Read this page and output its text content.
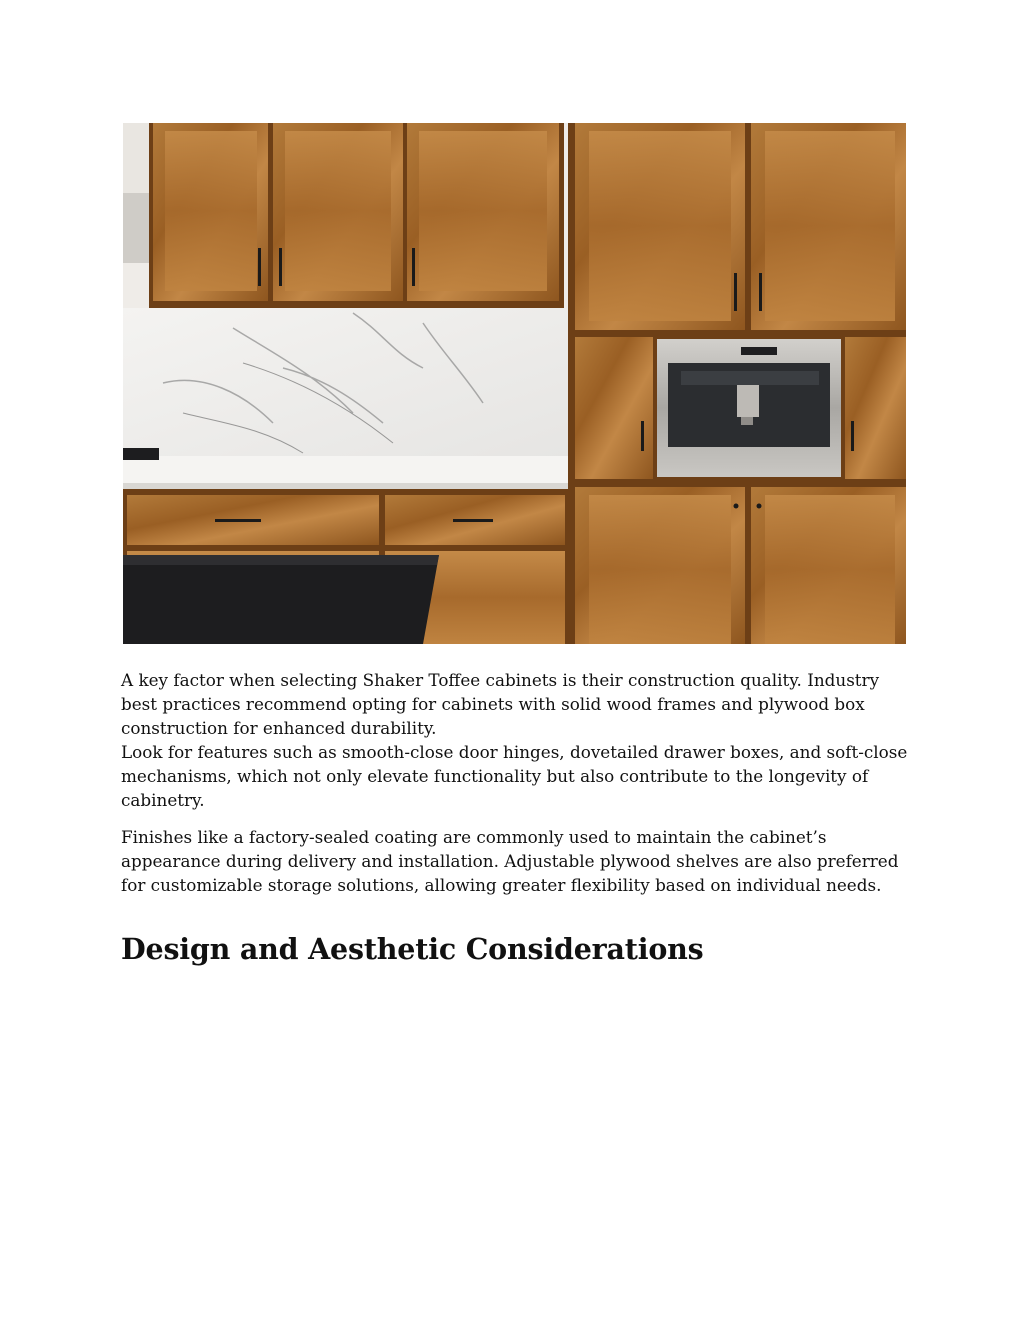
A key factor when selecting Shaker Toffee cabinets is their construction quality. Industry best practices recommend opting for cabinets with solid wood frames and plywood box construction for enhanced durability.
Look for features such as smooth-close door hinges, dovetailed drawer boxes, and soft-close mechanisms, which not only elevate functionality but also contribute to the longevity of cabinetry.

Finishes like a factory-sealed coating are commonly used to maintain the cabinet’s appearance during delivery and installation. Adjustable plywood shelves are also preferred for customizable storage solutions, allowing greater flexibility based on individual needs.

Design and Aesthetic Considerations
